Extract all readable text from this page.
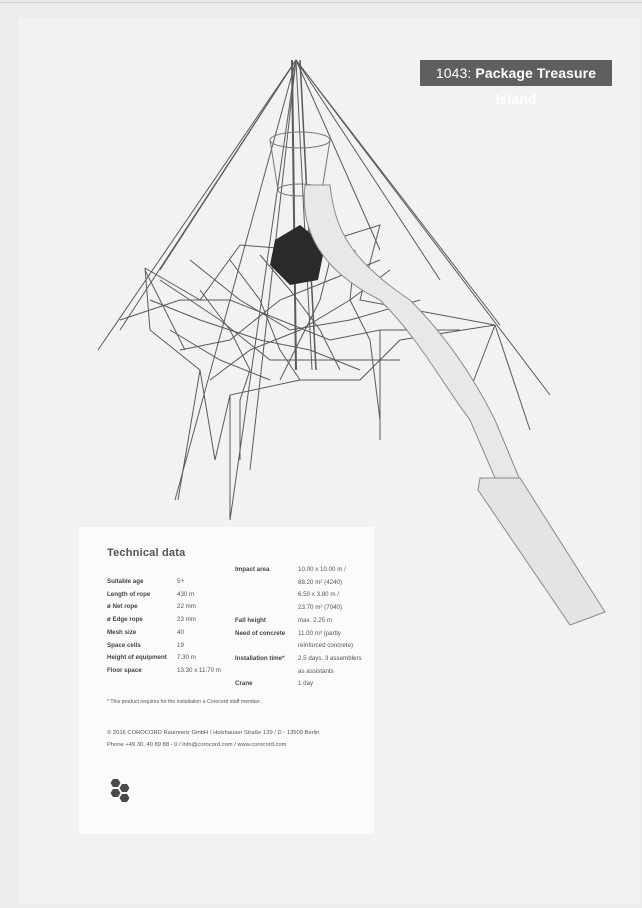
1043: Package Treasure Island
Technical data
Suitable age	5+
Length of rope	430 m
ø Net rope	22 mm
ø Edge rope	23 mm
Mesh size	40
Space cells	19
Height of equipment	7.30 m
Floor space	13.30 x 11.70 m
Impact area	10.00 x 10.00 m /
88.20 m² (4240)
6.50 x 3.80 m /
23.70 m² (7040)
Fall height	max. 2.25 m
Need of concrete	11.00 m³ (partly
reinforced concrete)
Installation time*	2.5 days, 3 assemblers
as assistants
Crane	1 day
* This product requires for the installation a Corocord staff member.
© 2016 COROCORD Raumnetz GmbH / Holzhauser Straße 139 / D - 13509 Berlin
Phone +49 30. 40 89 88 - 0 / info@corocord.com / www.corocord.com
